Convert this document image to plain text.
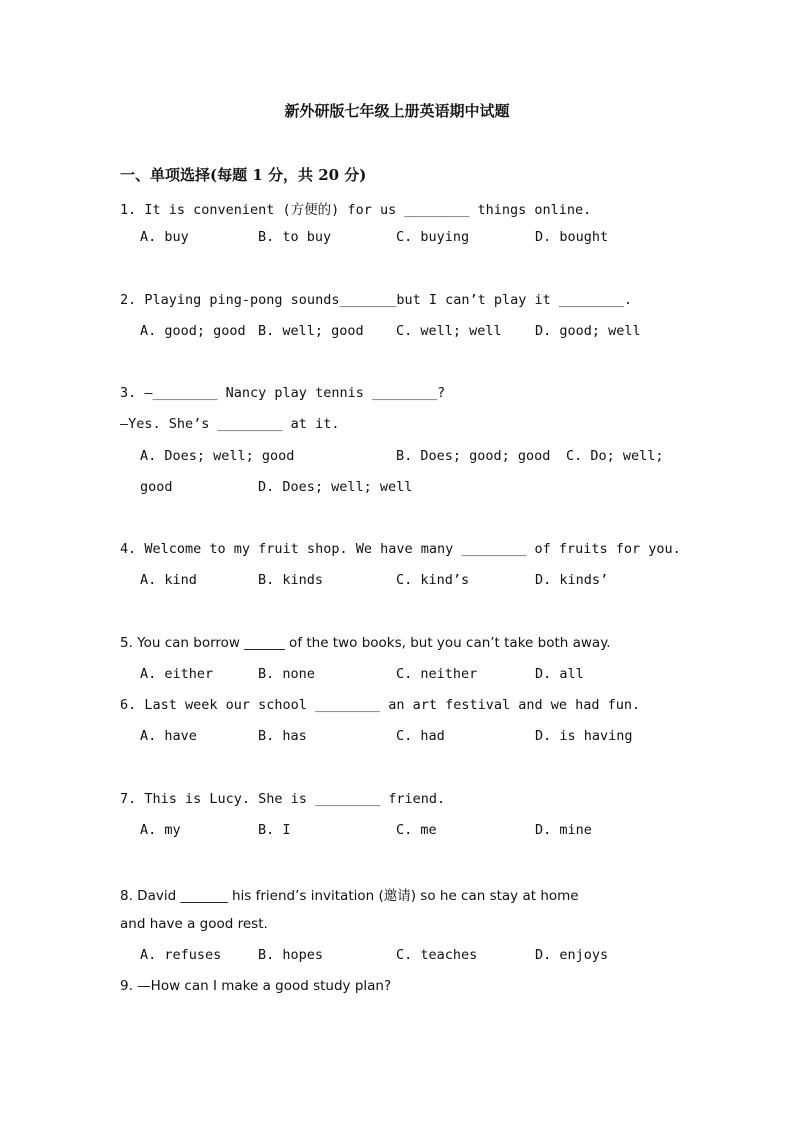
新外研版七年级上册英语期中试题
一、单项选择(每题 1 分，共 20 分)
1. It is convenient (方便的) for us ________ things online.
A. buy	B. to buy	C. buying	D. bought
2. Playing ping-pong sounds_______but I can’t play it ________.
A. good; good B. well; good C. well; well D. good; well
3. —________ Nancy play tennis ________?
—Yes. She’s ________ at it.
A. Does; well; good	B. Does; good; good C. Do; well;
good	D. Does; well; well
4. Welcome to my fruit shop. We have many ________ of fruits for you.
A. kind	B. kinds	C. kind’s	D. kinds’
5. You can borrow ______ of the two books, but you can’t take both away.
A. either	B. none	C. neither	D. all
6. Last week our school ________ an art festival and we had fun.
A. have	B. has	C. had	D. is having
7. This is Lucy. She is ________ friend.
A. my	B. I	C. me	D. mine
8. David _______ his friend’s invitation (邀请) so he can stay at home
and have a good rest.
A. refuses	B. hopes	C. teaches	D. enjoys
9. —How can I make a good study plan?
